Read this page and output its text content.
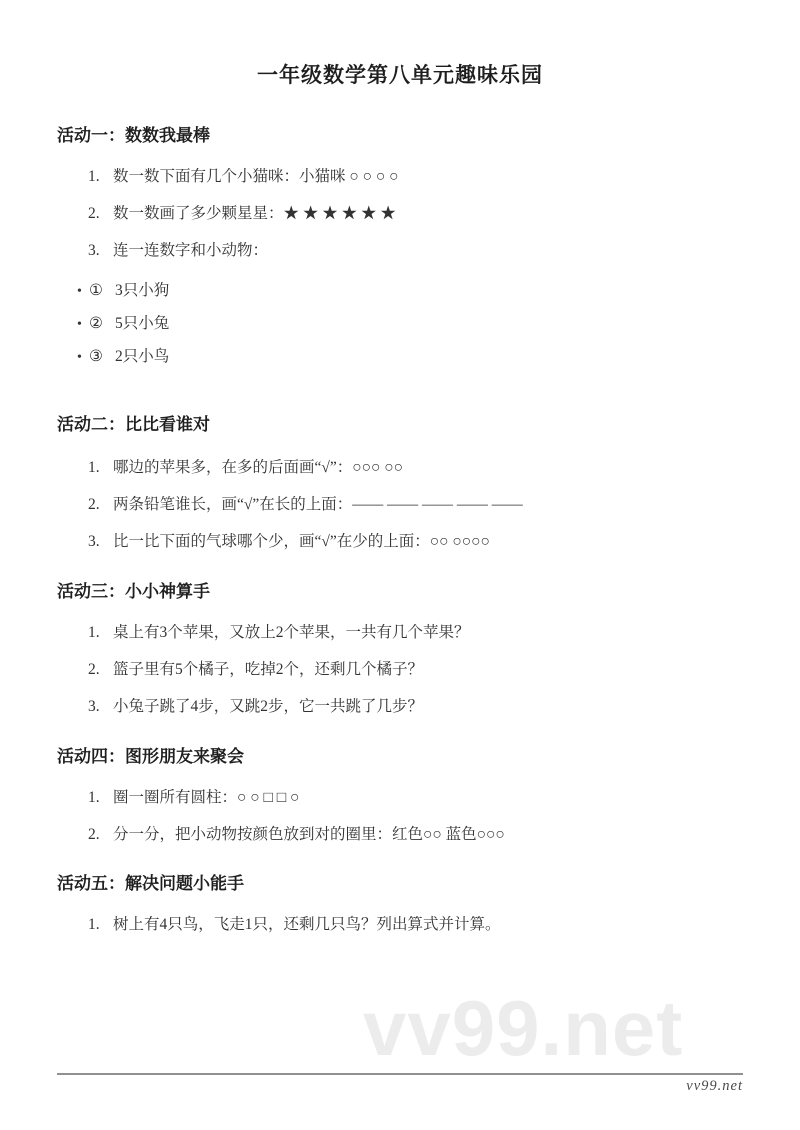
一年级数学第八单元趣味乐园
活动一：数数我最棒
1. 数一数下面有几个小猫咪：小猫咪 ○ ○ ○ ○
2. 数一数画了多少颗星星：★ ★ ★ ★ ★ ★
3. 连一连数字和小动物：
• ① 3只小狗
• ② 5只小兔
• ③ 2只小鸟
活动二：比比看谁对
1. 哪边的苹果多，在多的后面画“√”：○○○ ○○
2. 两条铅笔谁长，画“√”在长的上面：—— —— —— —— ——
3. 比一比下面的气球哪个少，画“√”在少的上面：○○ ○○○○
活动三：小小神算手
1. 桌上有3个苹果，又放上2个苹果，一共有几个苹果？
2. 篮子里有5个橘子，吃掉2个，还剩几个橘子？
3. 小兔子跳了4步，又跳2步，它一共跳了几步？
活动四：图形朋友来聚会
1. 圈一圈所有圆柱：○ ○ □ □ ○
2. 分一分，把小动物按颜色放到对的圈里：红色○○ 蓝色○○○
活动五：解决问题小能手
1. 树上有4只鸟，飞走1只，还剩几只鸟？列出算式并计算。
vv99.net
vv99.net
